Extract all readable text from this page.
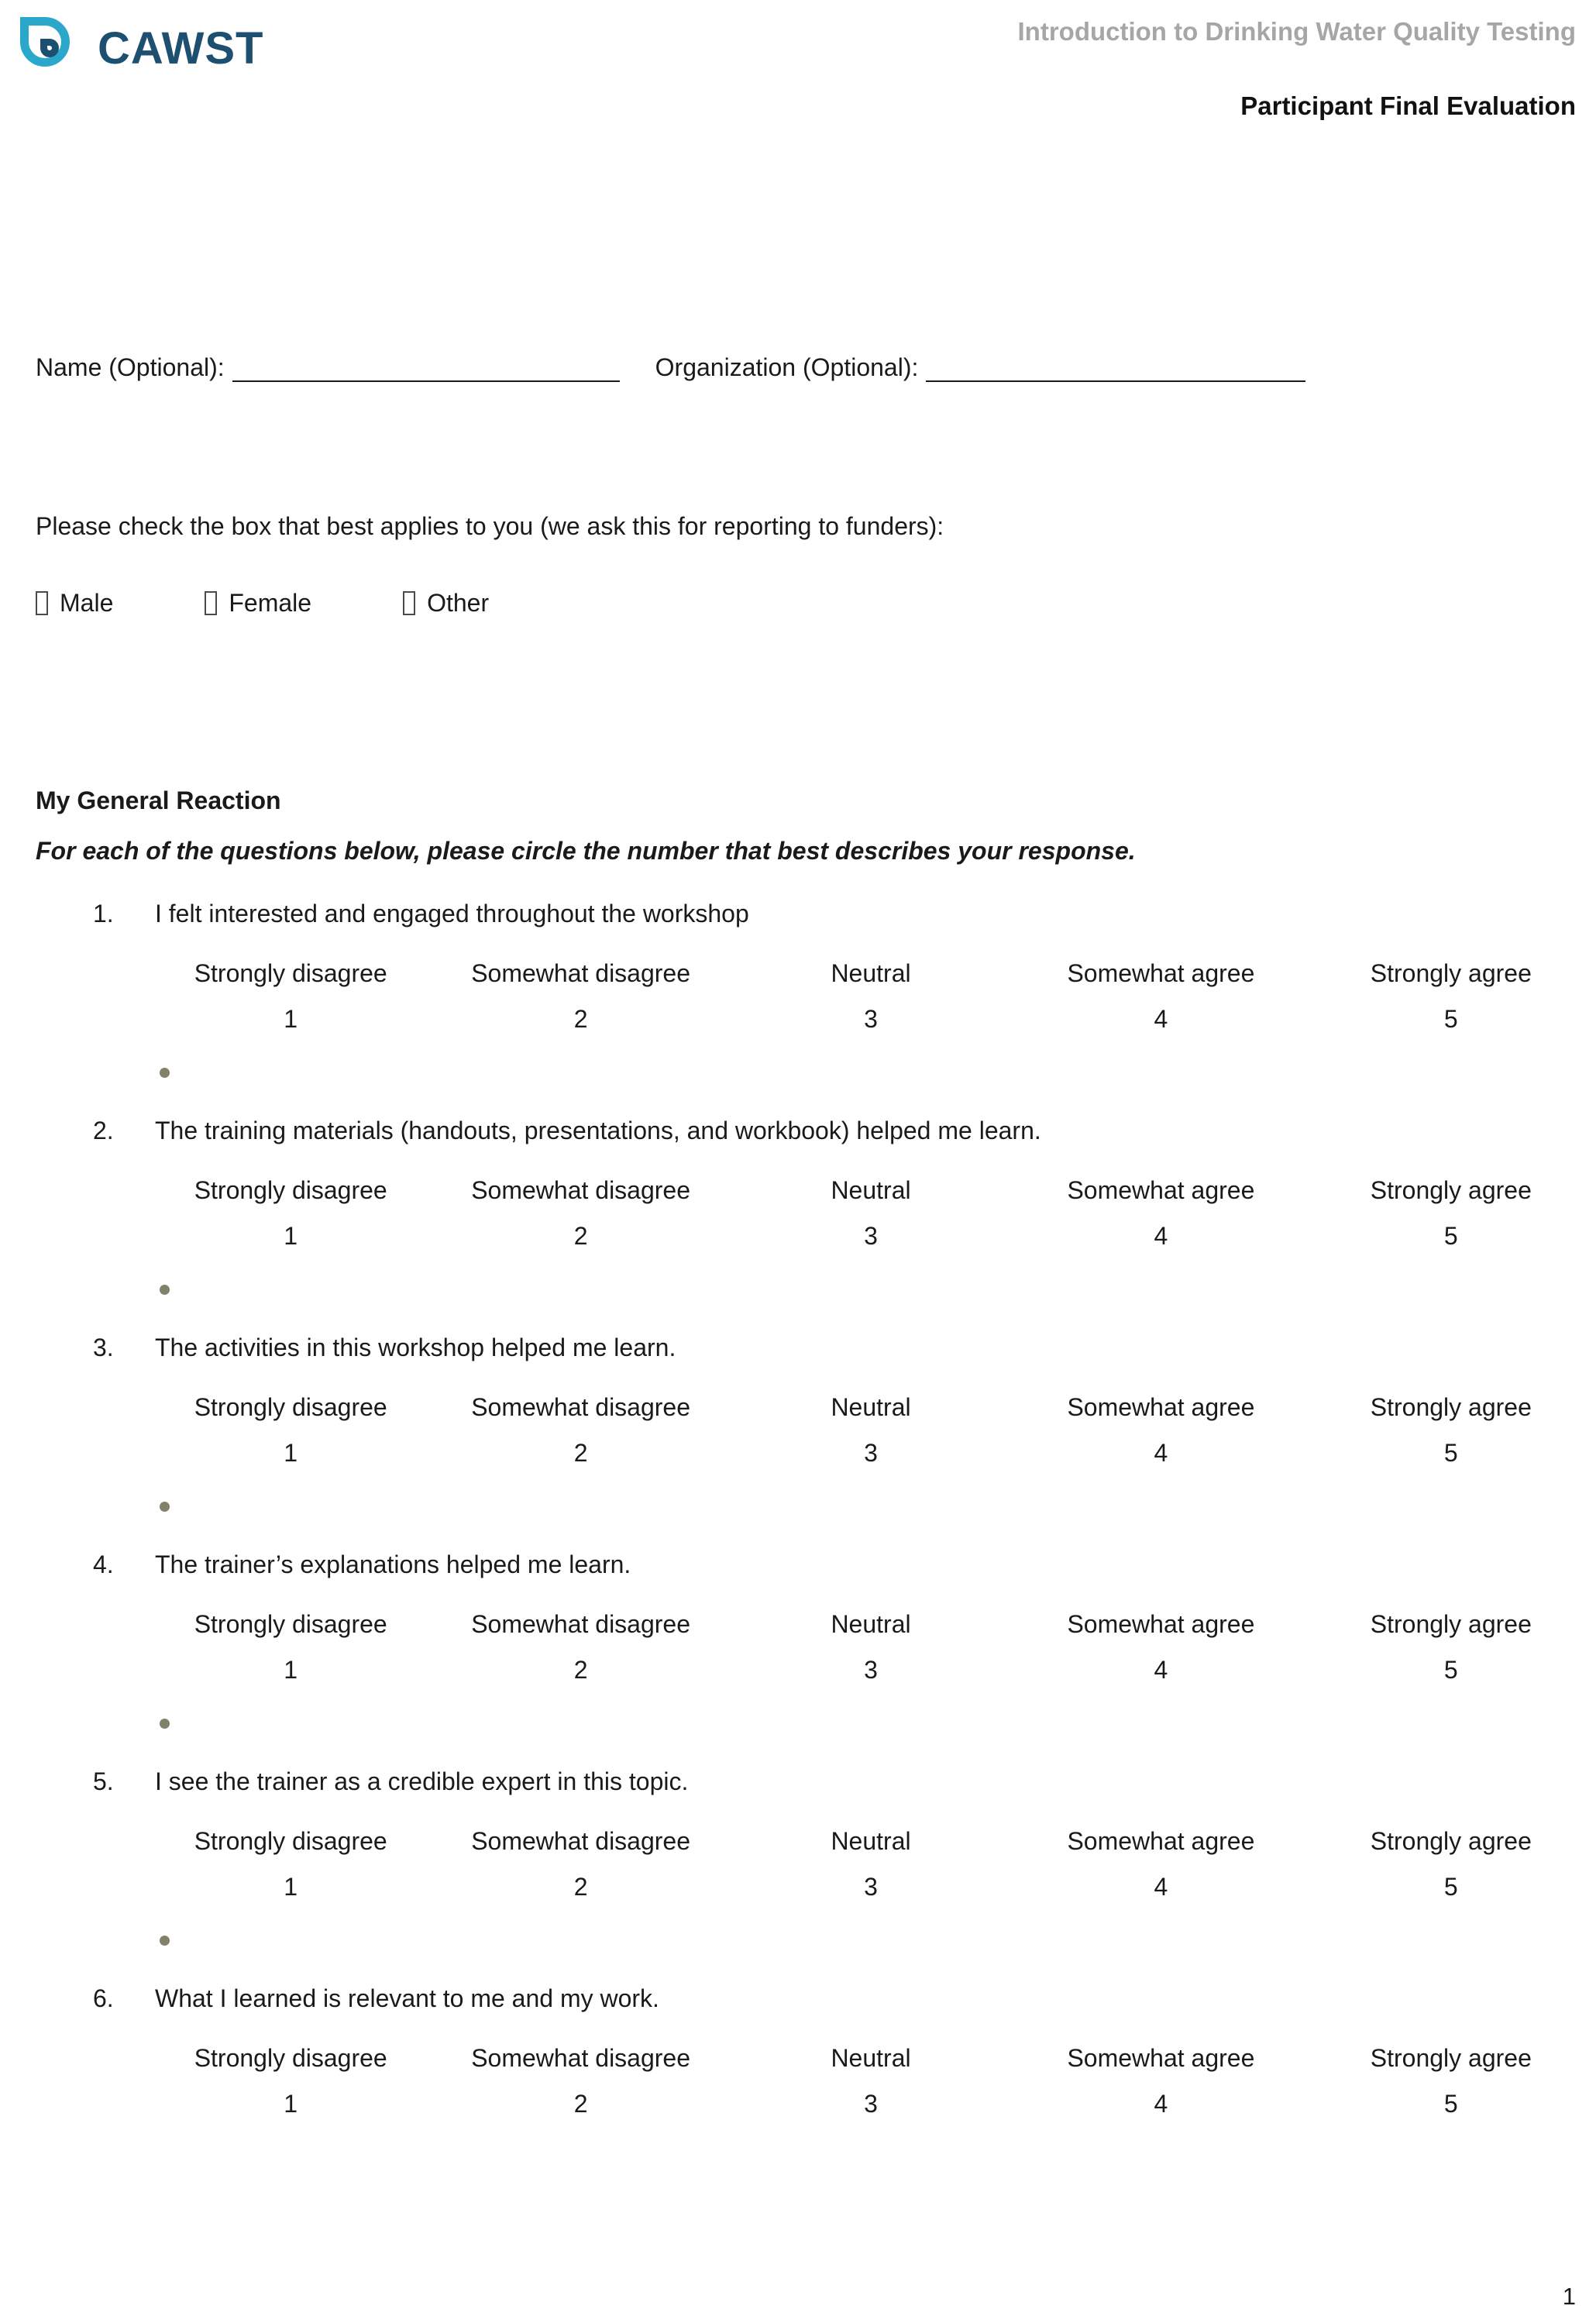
CAWST	Introduction to Drinking Water Quality Testing
Participant Final Evaluation
Name (Optional):	Organization (Optional):
Please check the box that best applies to you (we ask this for reporting to funders):
Male	Female	Other
My General Reaction
For each of the questions below, please circle the number that best describes your response.
1.	I felt interested and engaged throughout the workshop
Strongly disagree	Somewhat disagree	Neutral	Somewhat agree	Strongly agree
1	2	3	4	5
2.	The training materials (handouts, presentations, and workbook) helped me learn.
Strongly disagree	Somewhat disagree	Neutral	Somewhat agree	Strongly agree
1	2	3	4	5
3.	The activities in this workshop helped me learn.
Strongly disagree	Somewhat disagree	Neutral	Somewhat agree	Strongly agree
1	2	3	4	5
4.	The trainer’s explanations helped me learn.
Strongly disagree	Somewhat disagree	Neutral	Somewhat agree	Strongly agree
1	2	3	4	5
5.	I see the trainer as a credible expert in this topic.
Strongly disagree	Somewhat disagree	Neutral	Somewhat agree	Strongly agree
1	2	3	4	5
6.	What I learned is relevant to me and my work.
Strongly disagree	Somewhat disagree	Neutral	Somewhat agree	Strongly agree
1	2	3	4	5
1
